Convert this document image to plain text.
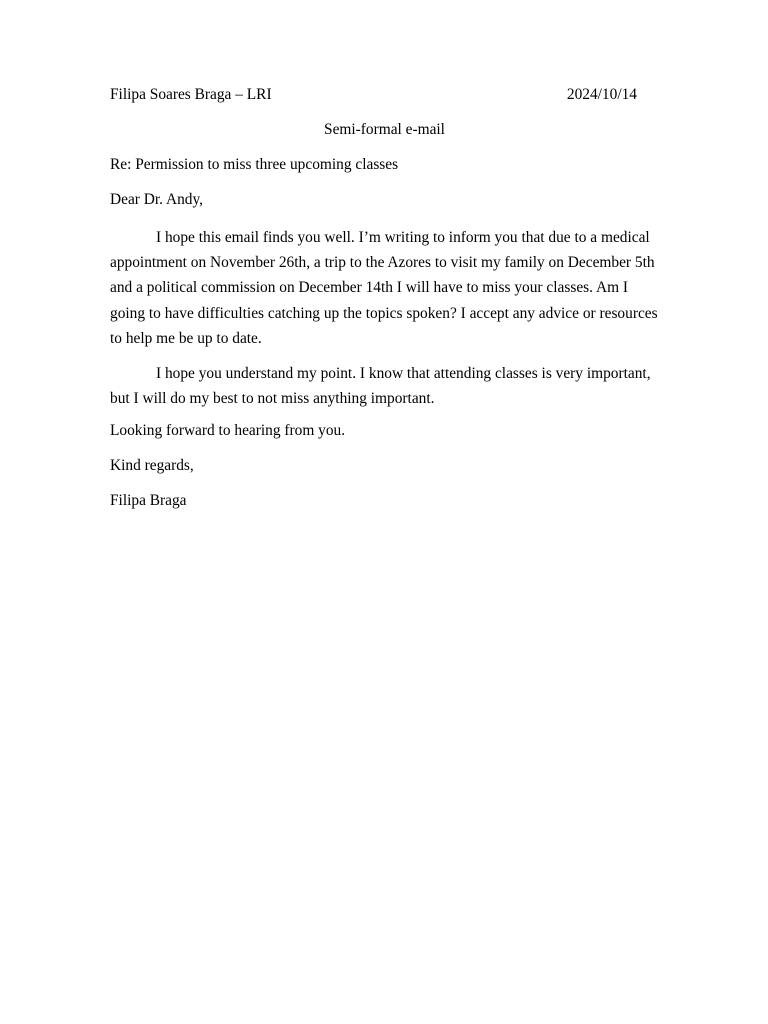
Filipa Soares Braga – LRI	2024/10/14
Semi-formal e-mail
Re: Permission to miss three upcoming classes
Dear Dr. Andy,

I hope this email finds you well. I’m writing to inform you that due to a medical appointment on November 26th, a trip to the Azores to visit my family on December 5th and a political commission on December 14th I will have to miss your classes. Am I going to have difficulties catching up the topics spoken? I accept any advice or resources to help me be up to date.

I hope you understand my point. I know that attending classes is very important, but I will do my best to not miss anything important.

Looking forward to hearing from you.
Kind regards,
Filipa Braga
